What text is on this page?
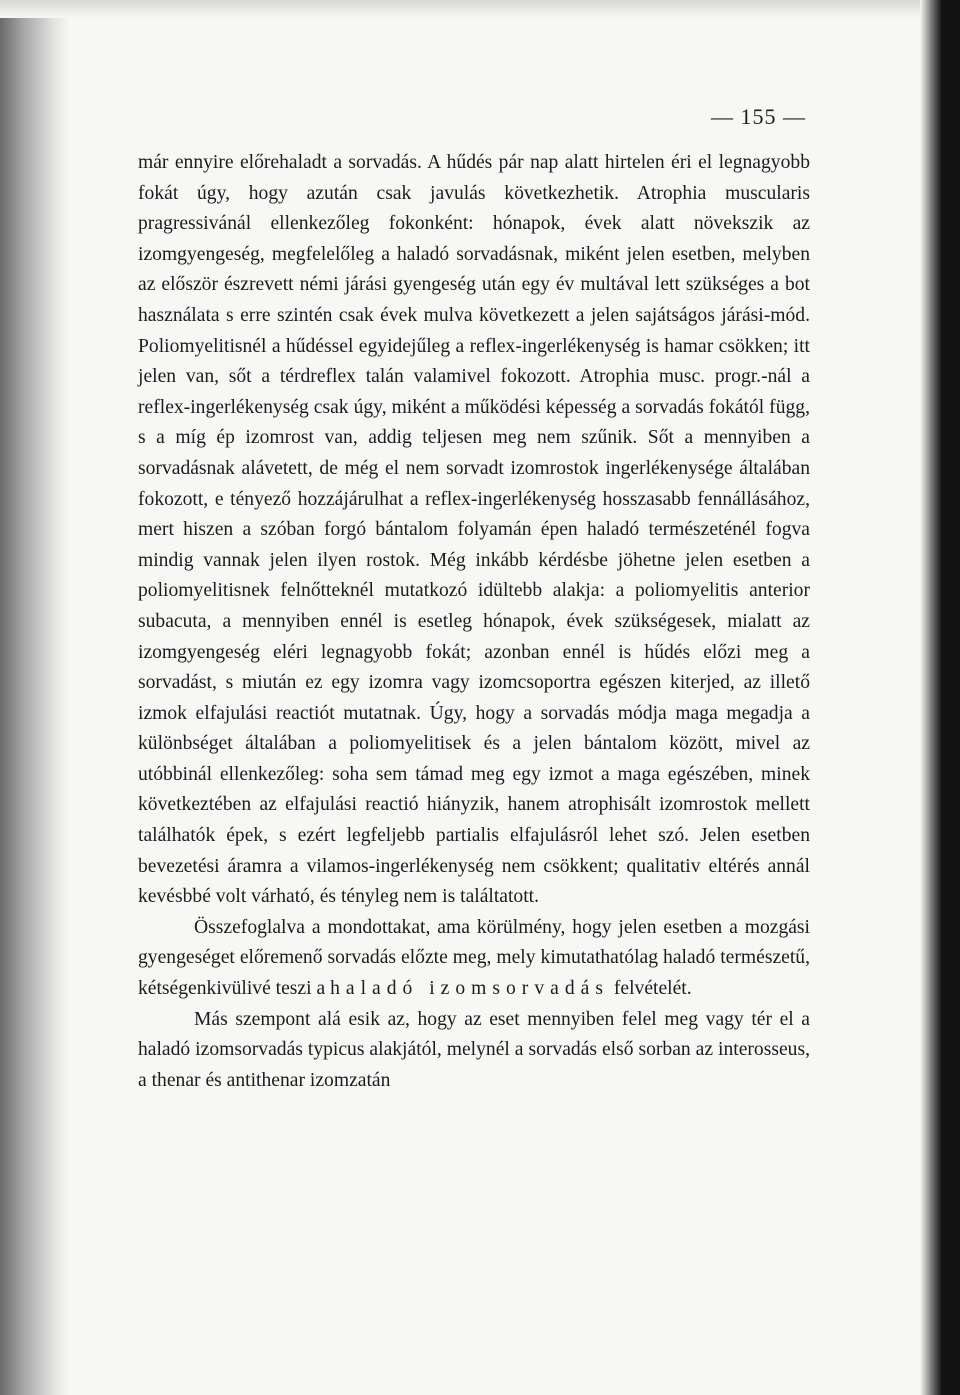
— 155 —

már ennyire előrehaladt a sorvadás. A hűdés pár nap alatt hirtelen éri el legnagyobb fokát úgy, hogy azután csak javulás következhetik. Atrophia muscularis pragressivánál ellenkezőleg fokonként: hónapok, évek alatt növekszik az izomgyengeség, megfelelőleg a haladó sorvadásnak, miként jelen esetben, melyben az először észrevett némi járási gyengeség után egy év multával lett szükséges a bot használata s erre szintén csak évek mulva következett a jelen sajátságos járási-mód. Poliomyelitisnél a hűdéssel egyidejűleg a reflex-ingerlékenység is hamar csökken; itt jelen van, sőt a térdreflex talán valamivel fokozott. Atrophia musc. progr.-nál a reflex-ingerlékenység csak úgy, miként a működési képesség a sorvadás fokától függ, s a míg ép izomrost van, addig teljesen meg nem szűnik. Sőt a mennyiben a sorvadásnak alávetett, de még el nem sorvadt izomrostok ingerlékenysége általában fokozott, e tényező hozzájárulhat a reflex-ingerlékenység hosszasabb fennállásához, mert hiszen a szóban forgó bántalom folyamán épen haladó természeténél fogva mindig vannak jelen ilyen rostok. Még inkább kérdésbe jöhetne jelen esetben a poliomyelitisnek felnőtteknél mutatkozó idültebb alakja: a poliomyelitis anterior subacuta, a mennyiben ennél is esetleg hónapok, évek szükségesek, mialatt az izomgyengeség eléri legnagyobb fokát; azonban ennél is hűdés előzi meg a sorvadást, s miután ez egy izomra vagy izomcsoportra egészen kiterjed, az illető izmok elfajulási reactiót mutatnak. Úgy, hogy a sorvadás módja maga megadja a különbséget általában a poliomyelitisek és a jelen bántalom között, mivel az utóbbinál ellenkezőleg: soha sem támad meg egy izmot a maga egészében, minek következtében az elfajulási reactió hiányzik, hanem atrophisált izomrostok mellett találhatók épek, s ezért legfeljebb partialis elfajulásról lehet szó. Jelen esetben bevezetési áramra a vilamos-ingerlékenység nem csökkent; qualitativ eltérés annál kevésbbé volt várható, és tényleg nem is találtatott.

Összefoglalva a mondottakat, ama körülmény, hogy jelen esetben a mozgási gyengeséget előremenő sorvadás előzte meg, mely kimutathatólag haladó természetű, kétségenkivülivé teszi a haladó izomsorvadás felvételét.

Más szempont alá esik az, hogy az eset mennyiben felel meg vagy tér el a haladó izomsorvadás typicus alakjától, melynél a sorvadás első sorban az interosseus, a thenar és antithenar izomzatán
